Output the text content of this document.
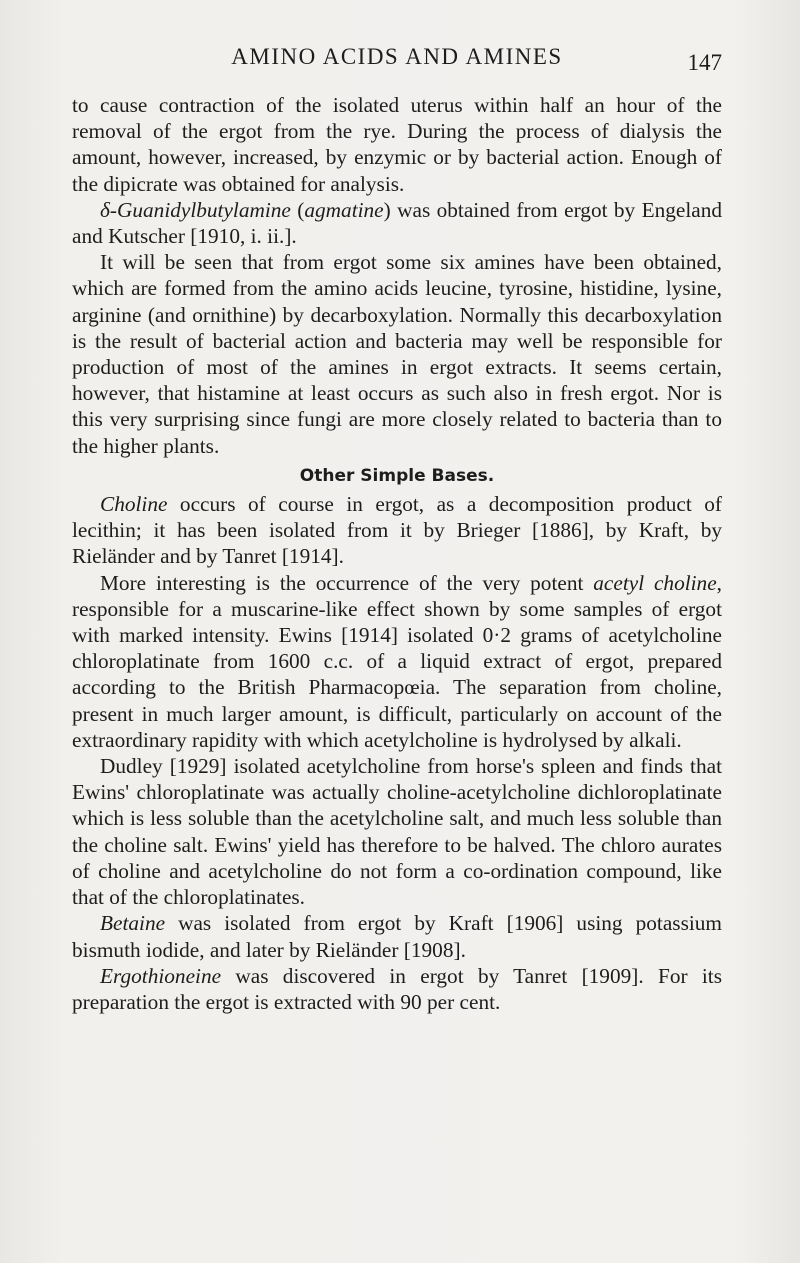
AMINO ACIDS AND AMINES	147

to cause contraction of the isolated uterus within half an hour of the removal of the ergot from the rye. During the process of dialysis the amount, however, increased, by enzymic or by bacterial action. Enough of the dipicrate was obtained for analysis.

δ-Guanidylbutylamine (agmatine) was obtained from ergot by Engeland and Kutscher [1910, i. ii.].

It will be seen that from ergot some six amines have been obtained, which are formed from the amino acids leucine, tyrosine, histidine, lysine, arginine (and ornithine) by decarboxylation. Normally this decarboxylation is the result of bacterial action and bacteria may well be responsible for production of most of the amines in ergot extracts. It seems certain, however, that histamine at least occurs as such also in fresh ergot. Nor is this very surprising since fungi are more closely related to bacteria than to the higher plants.

Other Simple Bases.

Choline occurs of course in ergot, as a decomposition product of lecithin; it has been isolated from it by Brieger [1886], by Kraft, by Rieländer and by Tanret [1914].

More interesting is the occurrence of the very potent acetyl choline, responsible for a muscarine-like effect shown by some samples of ergot with marked intensity. Ewins [1914] isolated 0·2 grams of acetylcholine chloroplatinate from 1600 c.c. of a liquid extract of ergot, prepared according to the British Pharmacopœia. The separation from choline, present in much larger amount, is difficult, particularly on account of the extraordinary rapidity with which acetylcholine is hydrolysed by alkali.

Dudley [1929] isolated acetylcholine from horse's spleen and finds that Ewins' chloroplatinate was actually choline-acetylcholine dichloroplatinate which is less soluble than the acetylcholine salt, and much less soluble than the choline salt. Ewins' yield has therefore to be halved. The chloro aurates of choline and acetylcholine do not form a co-ordination compound, like that of the chloroplatinates.

Betaine was isolated from ergot by Kraft [1906] using potassium bismuth iodide, and later by Rieländer [1908].

Ergothioneine was discovered in ergot by Tanret [1909]. For its preparation the ergot is extracted with 90 per cent.
